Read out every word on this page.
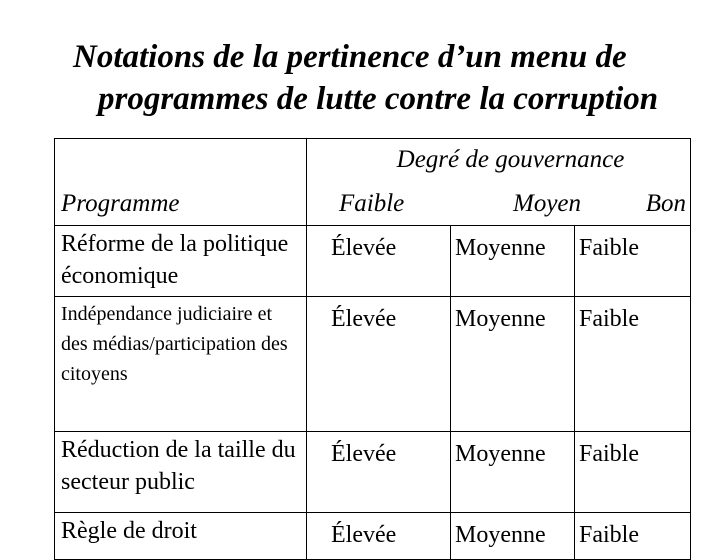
Notations de la pertinence d’un menu de
programmes de lutte contre la corruption
Programme	Degré de gouvernance
Faible Moyen Bon		

Réforme de la politique économique	Élevée	Moyenne	Faible
Indépendance judiciaire et des médias/participation des citoyens	Élevée	Moyenne	Faible
Réduction de la taille du secteur public	Élevée	Moyenne	Faible
Règle de droit	Élevée	Moyenne	Faible
